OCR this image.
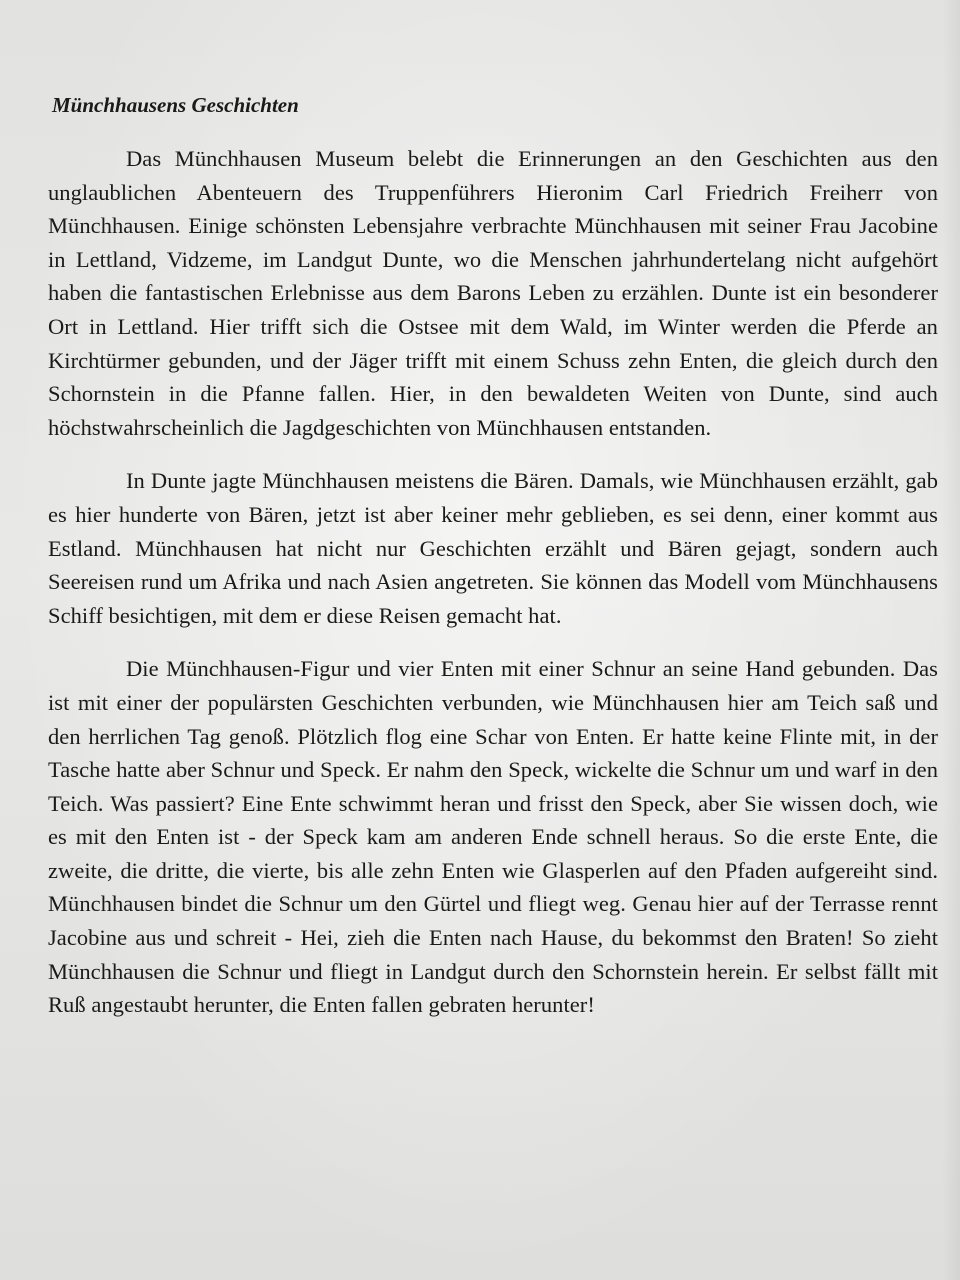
Münchhausens Geschichten

Das Münchhausen Museum belebt die Erinnerungen an den Geschichten aus den unglaublichen Abenteuern des Truppenführers Hieronim Carl Friedrich Freiherr von Münchhausen. Einige schönsten Lebensjahre verbrachte Münchhausen mit seiner Frau Jacobine in Lettland, Vidzeme, im Landgut Dunte, wo die Menschen jahrhundertelang nicht aufgehört haben die fantastischen Erlebnisse aus dem Barons Leben zu erzählen. Dunte ist ein besonderer Ort in Lettland. Hier trifft sich die Ostsee mit dem Wald, im Winter werden die Pferde an Kirchtürmer gebunden, und der Jäger trifft mit einem Schuss zehn Enten, die gleich durch den Schornstein in die Pfanne fallen. Hier, in den bewaldeten Weiten von Dunte, sind auch höchstwahrscheinlich die Jagdgeschichten von Münchhausen entstanden.

In Dunte jagte Münchhausen meistens die Bären. Damals, wie Münchhausen erzählt, gab es hier hunderte von Bären, jetzt ist aber keiner mehr geblieben, es sei denn, einer kommt aus Estland. Münchhausen hat nicht nur Geschichten erzählt und Bären gejagt, sondern auch Seereisen rund um Afrika und nach Asien angetreten. Sie können das Modell vom Münchhausens Schiff besichtigen, mit dem er diese Reisen gemacht hat.

Die Münchhausen-Figur und vier Enten mit einer Schnur an seine Hand gebunden. Das ist mit einer der populärsten Geschichten verbunden, wie Münchhausen hier am Teich saß und den herrlichen Tag genoß. Plötzlich flog eine Schar von Enten. Er hatte keine Flinte mit, in der Tasche hatte aber Schnur und Speck. Er nahm den Speck, wickelte die Schnur um und warf in den Teich. Was passiert? Eine Ente schwimmt heran und frisst den Speck, aber Sie wissen doch, wie es mit den Enten ist - der Speck kam am anderen Ende schnell heraus. So die erste Ente, die zweite, die dritte, die vierte, bis alle zehn Enten wie Glasperlen auf den Pfaden aufgereiht sind. Münchhausen bindet die Schnur um den Gürtel und fliegt weg. Genau hier auf der Terrasse rennt Jacobine aus und schreit - Hei, zieh die Enten nach Hause, du bekommst den Braten! So zieht Münchhausen die Schnur und fliegt in Landgut durch den Schornstein herein. Er selbst fällt mit Ruß angestaubt herunter, die Enten fallen gebraten herunter!
